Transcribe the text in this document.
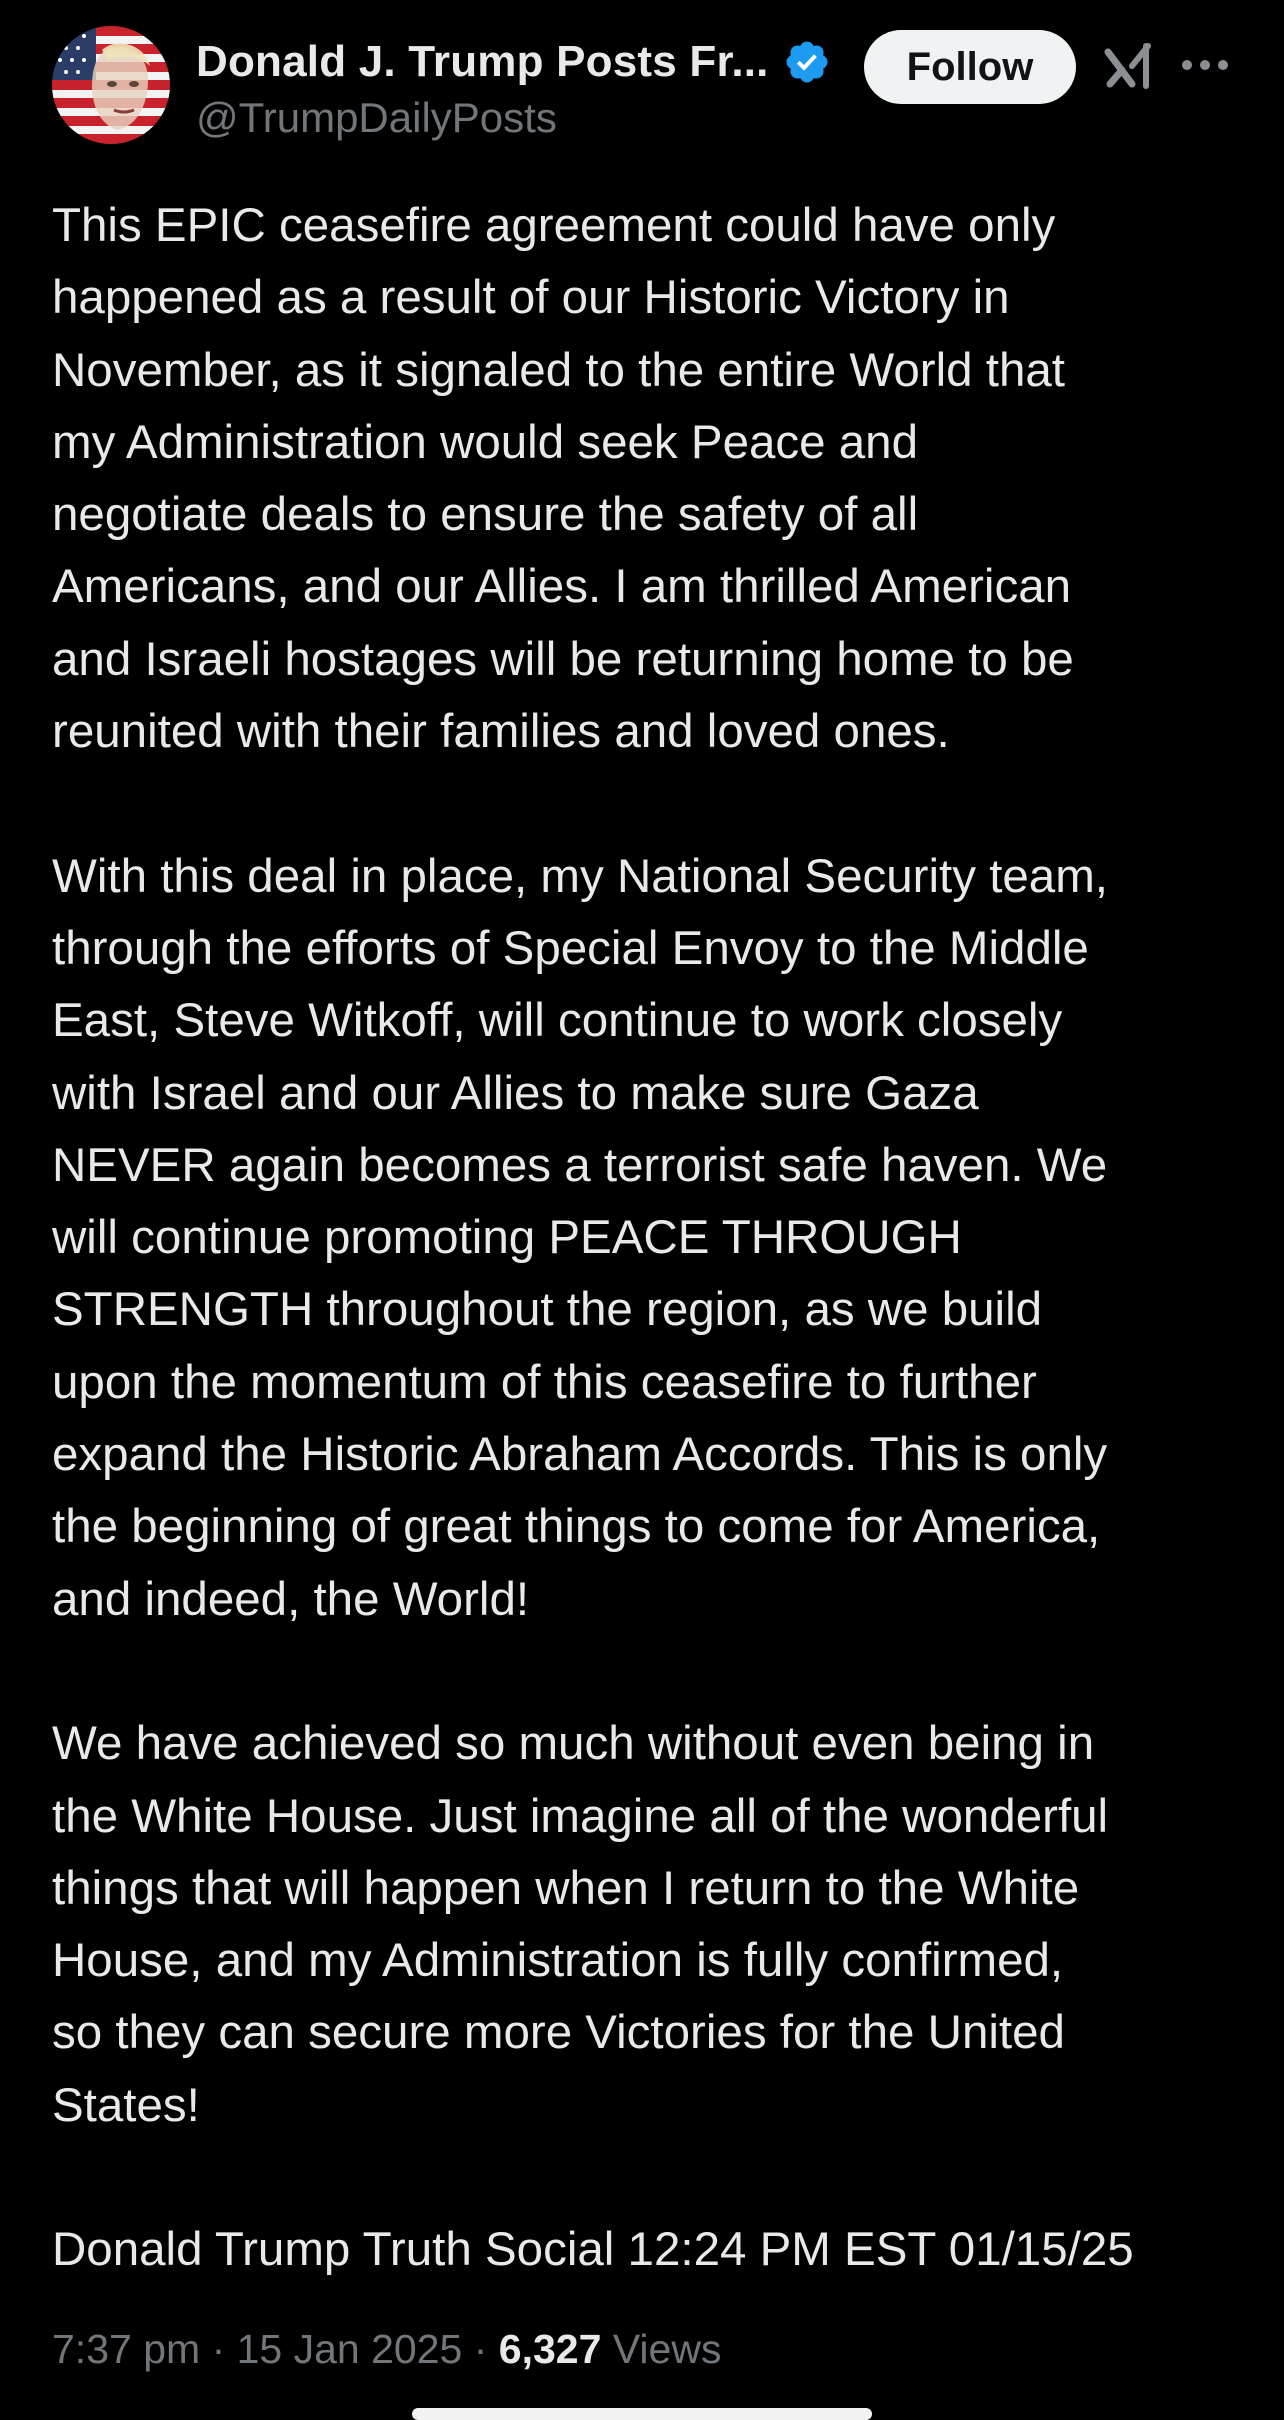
Donald J. Trump Posts Fr...
@TrumpDailyPosts
Follow

This EPIC ceasefire agreement could have only
happened as a result of our Historic Victory in
November, as it signaled to the entire World that
my Administration would seek Peace and
negotiate deals to ensure the safety of all
Americans, and our Allies. I am thrilled American
and Israeli hostages will be returning home to be
reunited with their families and loved ones.

With this deal in place, my National Security team,
through the efforts of Special Envoy to the Middle
East, Steve Witkoff, will continue to work closely
with Israel and our Allies to make sure Gaza
NEVER again becomes a terrorist safe haven. We
will continue promoting PEACE THROUGH
STRENGTH throughout the region, as we build
upon the momentum of this ceasefire to further
expand the Historic Abraham Accords. This is only
the beginning of great things to come for America,
and indeed, the World!

We have achieved so much without even being in
the White House. Just imagine all of the wonderful
things that will happen when I return to the White
House, and my Administration is fully confirmed,
so they can secure more Victories for the United
States!

Donald Trump Truth Social 12:24 PM EST 01/15/25

7:37 pm · 15 Jan 2025 · 6,327 Views
